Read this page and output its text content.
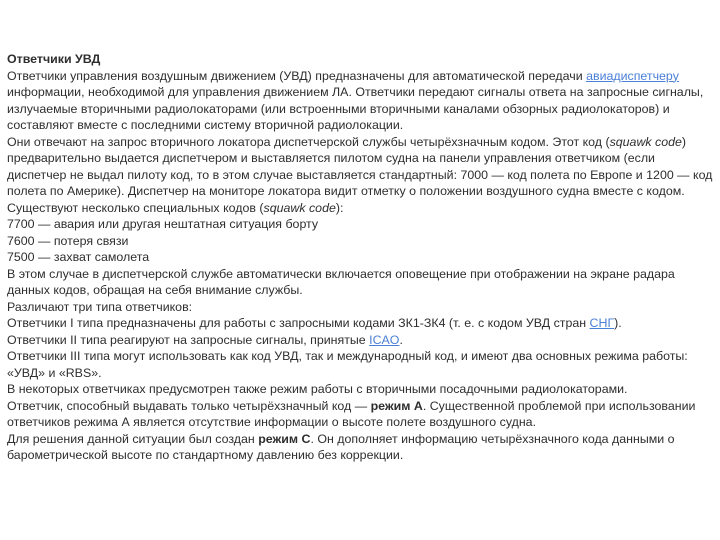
Ответчики УВД

Ответчики управления воздушным движением (УВД) предназначены для автоматической передачи авиадиспетчеру информации, необходимой для управления движением ЛА. Ответчики передают сигналы ответа на запросные сигналы, излучаемые вторичными радиолокаторами (или встроенными вторичными каналами обзорных радиолокаторов) и составляют вместе с последними систему вторичной радиолокации.

Они отвечают на запрос вторичного локатора диспетчерской службы четырёхзначным кодом. Этот код (squawk code) предварительно выдается диспетчером и выставляется пилотом судна на панели управления ответчиком (если диспетчер не выдал пилоту код, то в этом случае выставляется стандартный: 7000 — код полета по Европе и 1200 — код полета по Америке). Диспетчер на мониторе локатора видит отметку о положении воздушного судна вместе с кодом.

Существуют несколько специальных кодов (squawk code):

7700 — авария или другая нештатная ситуация борту

7600 — потеря связи

7500 — захват самолета

В этом случае в диспетчерской службе автоматически включается оповещение при отображении на экране радара данных кодов, обращая на себя внимание службы.

Различают три типа ответчиков:

Ответчики I типа предназначены для работы с запросными кодами ЗК1-ЗК4 (т. е. с кодом УВД стран СНГ).

Ответчики II типа реагируют на запросные сигналы, принятые ICAO.

Ответчики III типа могут использовать как код УВД, так и международный код, и имеют два основных режима работы: «УВД» и «RBS».

В некоторых ответчиках предусмотрен также режим работы с вторичными посадочными радиолокаторами.

Ответчик, способный выдавать только четырёхзначный код — режим А. Существенной проблемой при использовании ответчиков режима А является отсутствие информации о высоте полете воздушного судна.

Для решения данной ситуации был создан режим С. Он дополняет информацию четырёхзначного кода данными о барометрической высоте по стандартному давлению без коррекции.
